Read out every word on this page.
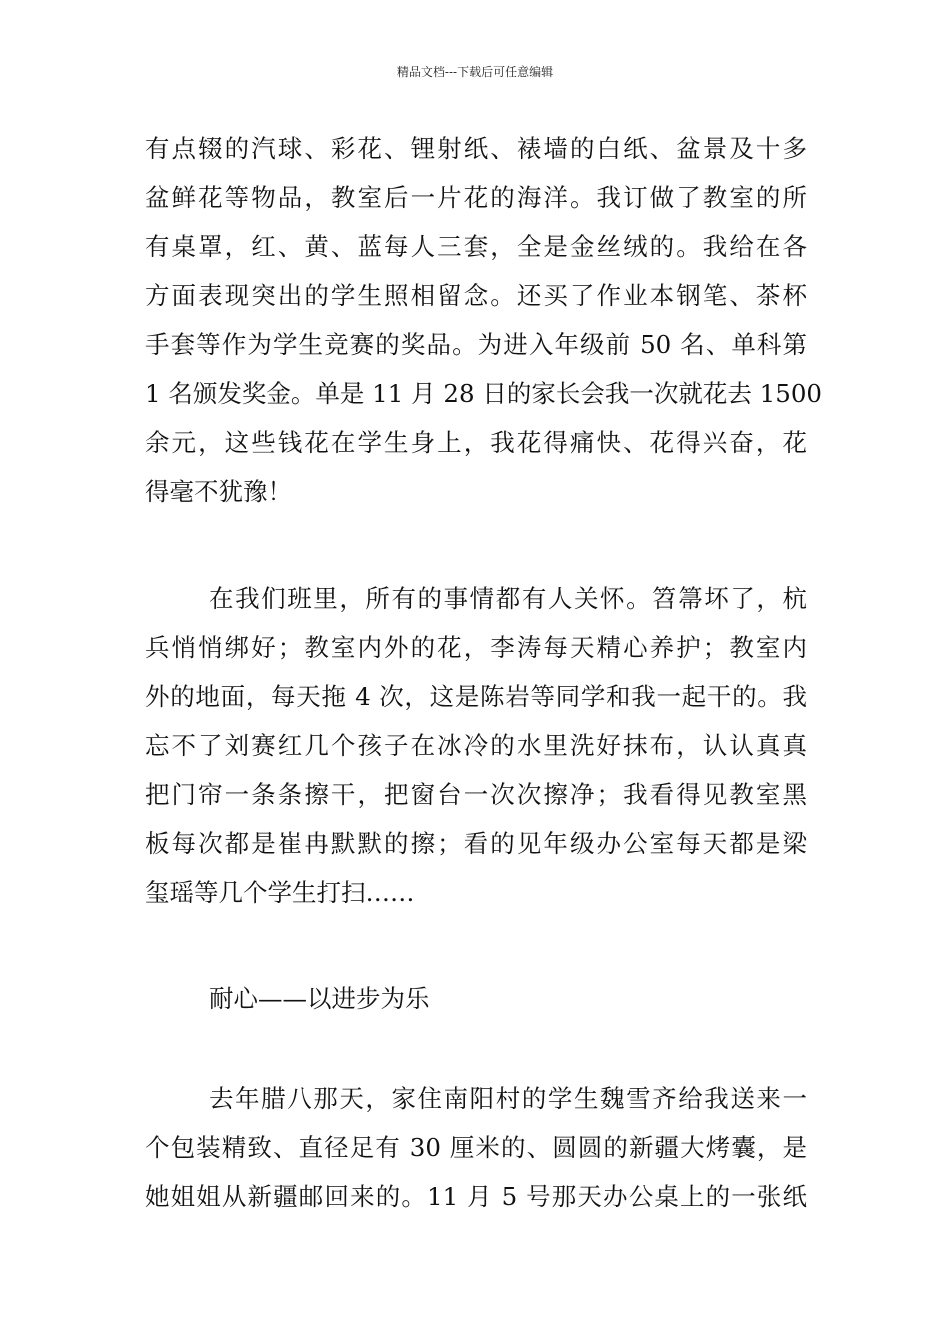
精品文档---下载后可任意编辑
有点辍的汽球、彩花、锂射纸、裱墙的白纸、盆景及十多
盆鲜花等物品，教室后一片花的海洋。我订做了教室的所
有桌罩，红、黄、蓝每人三套，全是金丝绒的。我给在各
方面表现突出的学生照相留念。还买了作业本钢笔、茶杯
手套等作为学生竞赛的奖品。为进入年级前 50 名、单科第
1 名颁发奖金。单是 11 月 28 日的家长会我一次就花去 1500
余元，这些钱花在学生身上，我花得痛快、花得兴奋，花
得毫不犹豫！
在我们班里，所有的事情都有人关怀。笤箒坏了，杭
兵悄悄绑好；教室内外的花，李涛每天精心养护；教室内
外的地面，每天拖 4 次，这是陈岩等同学和我一起干的。我
忘不了刘赛红几个孩子在冰冷的水里洗好抹布，认认真真
把门帘一条条擦干，把窗台一次次擦净；我看得见教室黑
板每次都是崔冉默默的擦；看的见年级办公室每天都是梁
玺瑶等几个学生打扫……
耐心——以进步为乐
去年腊八那天，家住南阳村的学生魏雪齐给我送来一
个包装精致、直径足有 30 厘米的、圆圆的新疆大烤囊，是
她姐姐从新疆邮回来的。11 月 5 号那天办公桌上的一张纸
